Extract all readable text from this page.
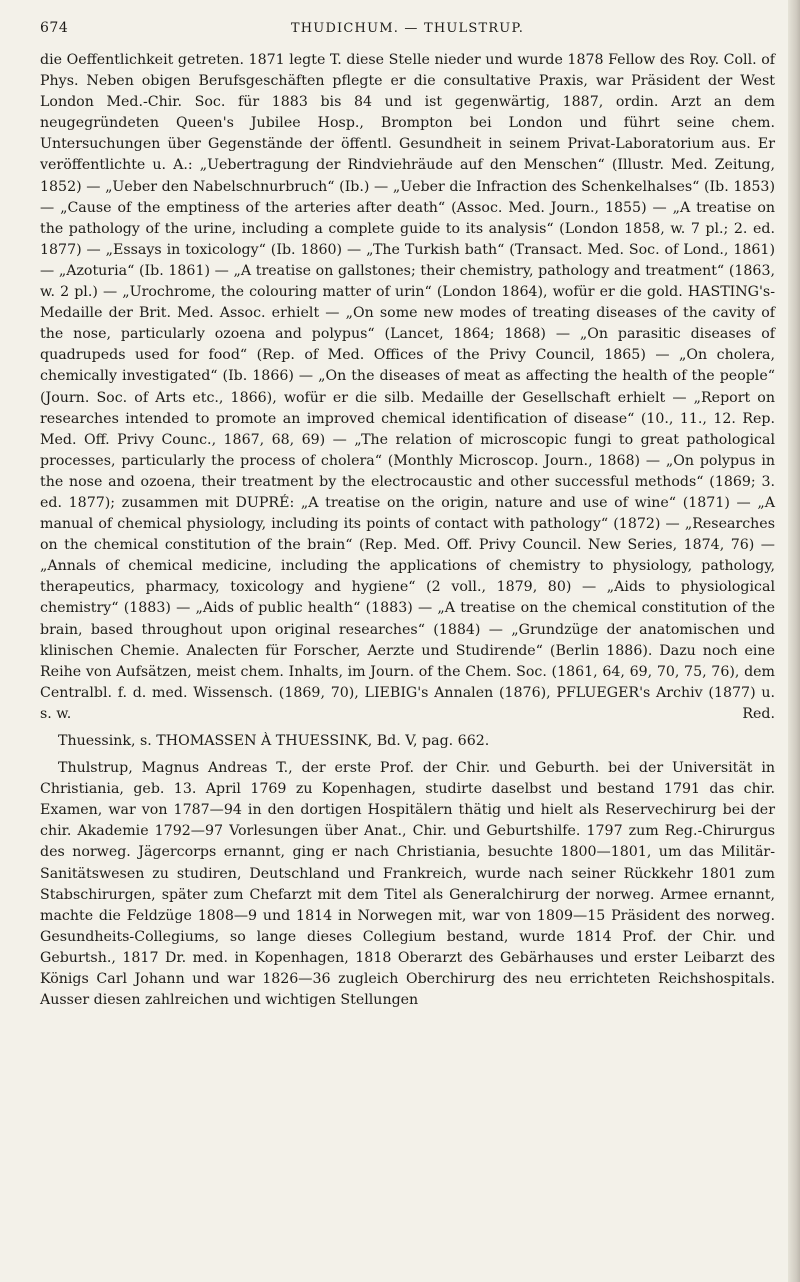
674	THUDICHUM. — THULSTRUP.

die Oeffentlichkeit getreten. 1871 legte T. diese Stelle nieder und wurde 1878 Fellow des Roy. Coll. of Phys. Neben obigen Berufsgeschäften pflegte er die consultative Praxis, war Präsident der West London Med.-Chir. Soc. für 1883 bis 84 und ist gegenwärtig, 1887, ordin. Arzt an dem neugegründeten Queen's Jubilee Hosp., Brompton bei London und führt seine chem. Untersuchungen über Gegenstände der öffentl. Gesundheit in seinem Privat-Laboratorium aus. Er veröffentlichte u. A.: „Uebertragung der Rindviehräude auf den Menschen“ (Illustr. Med. Zeitung, 1852) — „Ueber den Nabelschnurbruch“ (Ib.) — „Ueber die Infraction des Schenkelhalses“ (Ib. 1853) — „Cause of the emptiness of the arteries after death“ (Assoc. Med. Journ., 1855) — „A treatise on the pathology of the urine, including a complete guide to its analysis“ (London 1858, w. 7 pl.; 2. ed. 1877) — „Essays in toxicology“ (Ib. 1860) — „The Turkish bath“ (Transact. Med. Soc. of Lond., 1861) — „Azoturia“ (Ib. 1861) — „A treatise on gallstones; their chemistry, pathology and treatment“ (1863, w. 2 pl.) — „Urochrome, the colouring matter of urin“ (London 1864), wofür er die gold. HASTING's-Medaille der Brit. Med. Assoc. erhielt — „On some new modes of treating diseases of the cavity of the nose, particularly ozoena and polypus“ (Lancet, 1864; 1868) — „On parasitic diseases of quadrupeds used for food“ (Rep. of Med. Offices of the Privy Council, 1865) — „On cholera, chemically investigated“ (Ib. 1866) — „On the diseases of meat as affecting the health of the people“ (Journ. Soc. of Arts etc., 1866), wofür er die silb. Medaille der Gesellschaft erhielt — „Report on researches intended to promote an improved chemical identification of disease“ (10., 11., 12. Rep. Med. Off. Privy Counc., 1867, 68, 69) — „The relation of microscopic fungi to great pathological processes, particularly the process of cholera“ (Monthly Microscop. Journ., 1868) — „On polypus in the nose and ozoena, their treatment by the electrocaustic and other successful methods“ (1869; 3. ed. 1877); zusammen mit DUPRÉ: „A treatise on the origin, nature and use of wine“ (1871) — „A manual of chemical physiology, including its points of contact with pathology“ (1872) — „Researches on the chemical constitution of the brain“ (Rep. Med. Off. Privy Council. New Series, 1874, 76) — „Annals of chemical medicine, including the applications of chemistry to physiology, pathology, therapeutics, pharmacy, toxicology and hygiene“ (2 voll., 1879, 80) — „Aids to physiological chemistry“ (1883) — „Aids of public health“ (1883) — „A treatise on the chemical constitution of the brain, based throughout upon original researches“ (1884) — „Grundzüge der anatomischen und klinischen Chemie. Analecten für Forscher, Aerzte und Studirende“ (Berlin 1886). Dazu noch eine Reihe von Aufsätzen, meist chem. Inhalts, im Journ. of the Chem. Soc. (1861, 64, 69, 70, 75, 76), dem Centralbl. f. d. med. Wissensch. (1869, 70), LIEBIG's Annalen (1876), PFLUEGER's Archiv (1877) u. s. w.	Red.

Thuessink, s. THOMASSEN À THUESSINK, Bd. V, pag. 662.

Thulstrup, Magnus Andreas T., der erste Prof. der Chir. und Geburth. bei der Universität in Christiania, geb. 13. April 1769 zu Kopenhagen, studirte daselbst und bestand 1791 das chir. Examen, war von 1787—94 in den dortigen Hospitälern thätig und hielt als Reservechirurg bei der chir. Akademie 1792—97 Vorlesungen über Anat., Chir. und Geburtshilfe. 1797 zum Reg.-Chirurgus des norweg. Jägercorps ernannt, ging er nach Christiania, besuchte 1800—1801, um das Militär-Sanitätswesen zu studiren, Deutschland und Frankreich, wurde nach seiner Rückkehr 1801 zum Stabschirurgen, später zum Chefarzt mit dem Titel als Generalchirurg der norweg. Armee ernannt, machte die Feldzüge 1808—9 und 1814 in Norwegen mit, war von 1809—15 Präsident des norweg. Gesundheits-Collegiums, so lange dieses Collegium bestand, wurde 1814 Prof. der Chir. und Geburtsh., 1817 Dr. med. in Kopenhagen, 1818 Oberarzt des Gebärhauses und erster Leibarzt des Königs Carl Johann und war 1826—36 zugleich Oberchirurg des neu errichteten Reichshospitals. Ausser diesen zahlreichen und wichtigen Stellungen
